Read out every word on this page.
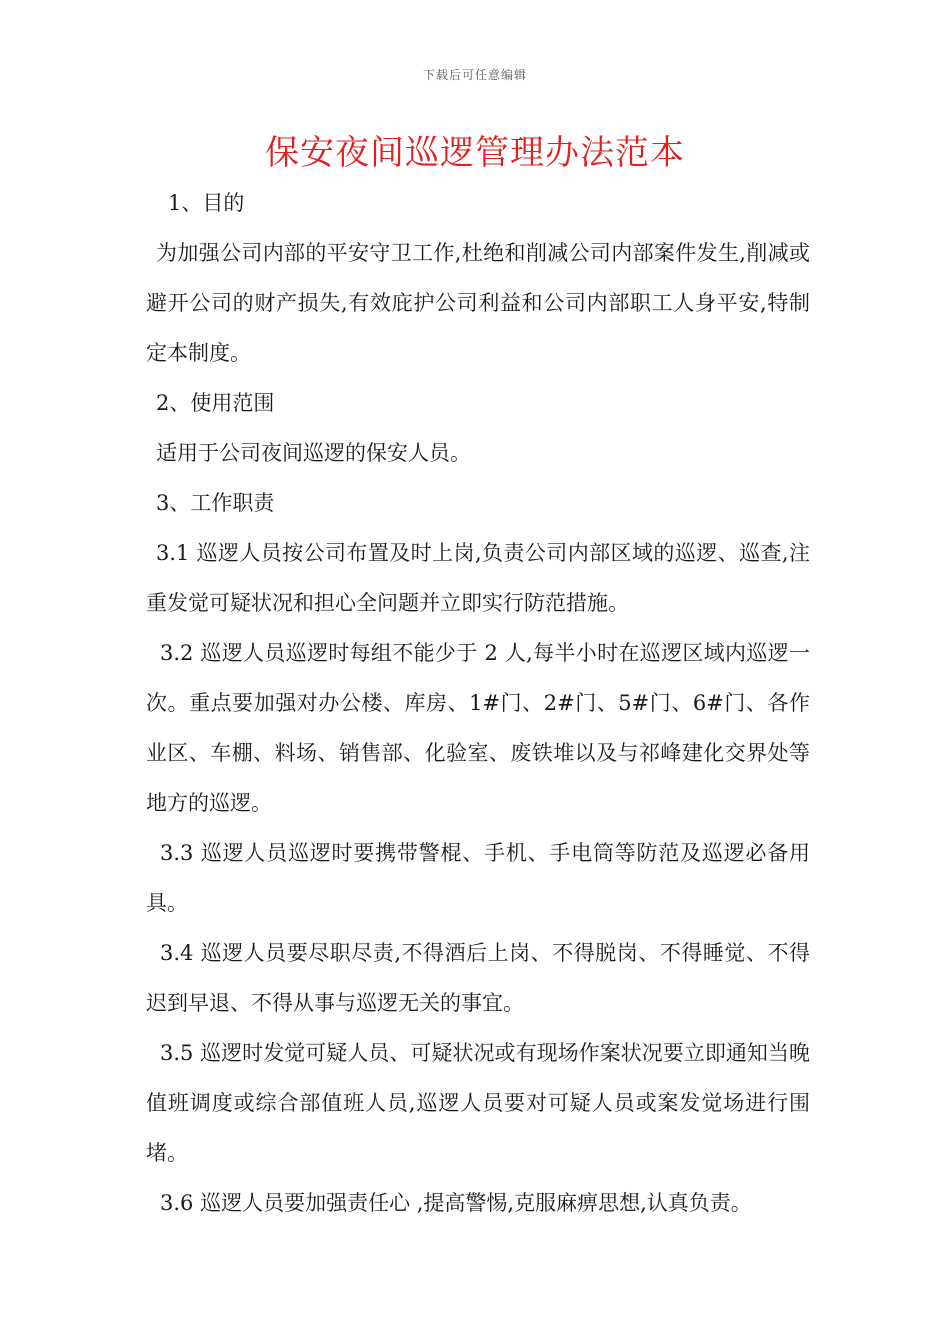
下载后可任意编辑
保安夜间巡逻管理办法范本

1、目的

为加强公司内部的平安守卫工作,杜绝和削减公司内部案件发生,削减或避开公司的财产损失,有效庇护公司利益和公司内部职工人身平安,特制定本制度。

2、使用范围

适用于公司夜间巡逻的保安人员。

3、工作职责

3.1 巡逻人员按公司布置及时上岗,负责公司内部区域的巡逻、巡查,注重发觉可疑状况和担心全问题并立即实行防范措施。

3.2 巡逻人员巡逻时每组不能少于 2 人,每半小时在巡逻区域内巡逻一次。重点要加强对办公楼、库房、1#门、2#门、5#门、6#门、各作业区、车棚、料场、销售部、化验室、废铁堆以及与祁峰建化交界处等地方的巡逻。

3.3 巡逻人员巡逻时要携带警棍、手机、手电筒等防范及巡逻必备用具。

3.4 巡逻人员要尽职尽责,不得酒后上岗、不得脱岗、不得睡觉、不得迟到早退、不得从事与巡逻无关的事宜。

3.5 巡逻时发觉可疑人员、可疑状况或有现场作案状况要立即通知当晚值班调度或综合部值班人员,巡逻人员要对可疑人员或案发觉场进行围堵。

3.6 巡逻人员要加强责任心 ,提高警惕,克服麻痹思想,认真负责。
